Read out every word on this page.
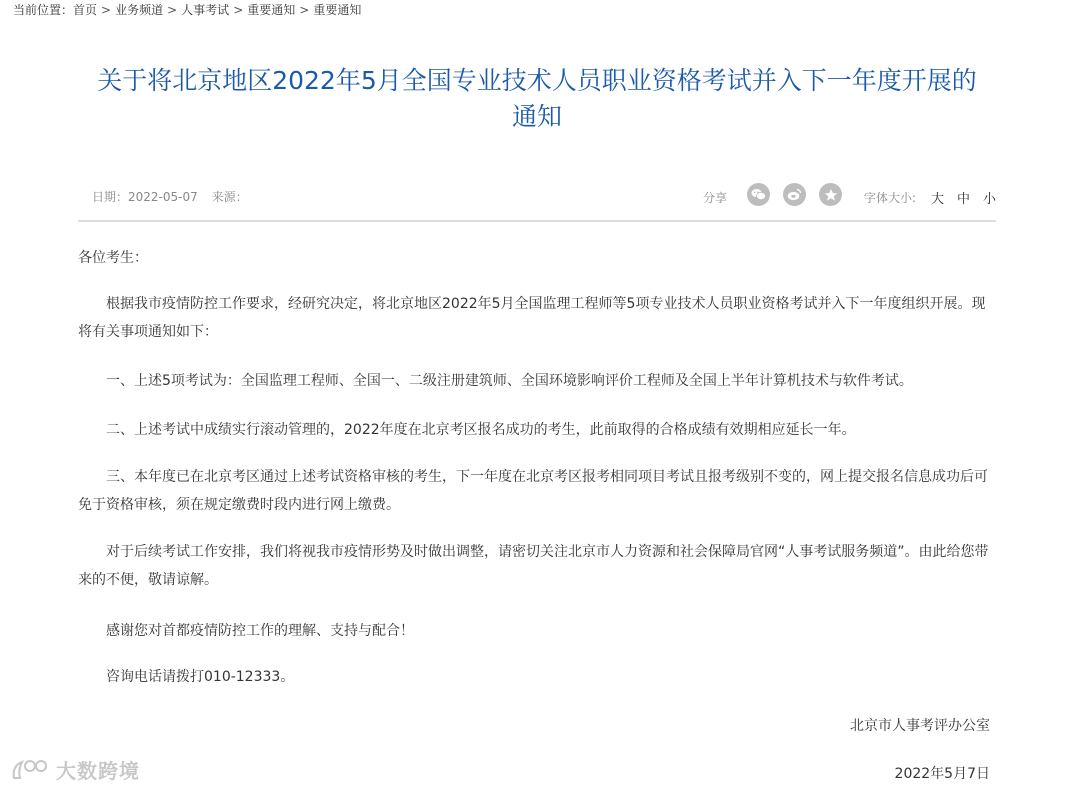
当前位置：首页 > 业务频道 > 人事考试 > 重要通知 > 重要通知
关于将北京地区2022年5月全国专业技术人员职业资格考试并入下一年度开展的
通知
日期：2022-05-07 来源：	分享	字体大小: 大 中 小

各位考生：

根据我市疫情防控工作要求，经研究决定，将北京地区2022年5月全国监理工程师等5项专业技术人员职业资格考试并入下一年度组织开展。现将有关事项通知如下：

一、上述5项考试为：全国监理工程师、全国一、二级注册建筑师、全国环境影响评价工程师及全国上半年计算机技术与软件考试。

二、上述考试中成绩实行滚动管理的，2022年度在北京考区报名成功的考生，此前取得的合格成绩有效期相应延长一年。

三、本年度已在北京考区通过上述考试资格审核的考生，下一年度在北京考区报考相同项目考试且报考级别不变的，网上提交报名信息成功后可免于资格审核，须在规定缴费时段内进行网上缴费。

对于后续考试工作安排，我们将视我市疫情形势及时做出调整，请密切关注北京市人力资源和社会保障局官网“人事考试服务频道”。由此给您带来的不便，敬请谅解。

感谢您对首都疫情防控工作的理解、支持与配合！

咨询电话请拨打010-12333。

北京市人事考评办公室

2022年5月7日

大数跨境
